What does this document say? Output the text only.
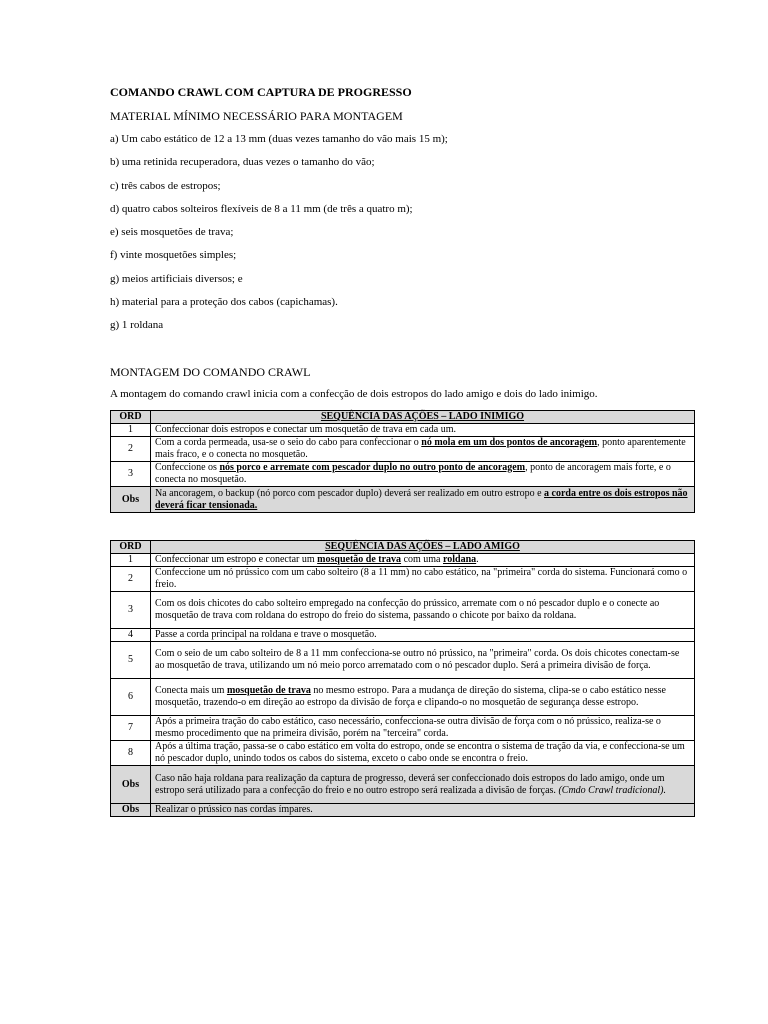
COMANDO CRAWL COM CAPTURA DE PROGRESSO
MATERIAL MÍNIMO NECESSÁRIO PARA MONTAGEM
a) Um cabo estático de 12 a 13 mm (duas vezes tamanho do vão mais 15 m);
b) uma retinida recuperadora, duas vezes o tamanho do vão;
c) três cabos de estropos;
d) quatro cabos solteiros flexíveis de 8 a 11 mm (de três a quatro m);
e) seis mosquetões de trava;
f) vinte mosquetões simples;
g) meios artificiais diversos; e
h) material para a proteção dos cabos (capichamas).
g) 1 roldana
MONTAGEM DO COMANDO CRAWL
A montagem do comando crawl inicia com a confecção de dois estropos do lado amigo e dois do lado inimigo.
ORD	SEQUÊNCIA DAS AÇÕES – LADO INIMIGO
1	Confeccionar dois estropos e conectar um mosquetão de trava em cada um.
2	Com a corda permeada, usa-se o seio do cabo para confeccionar o nó mola em um dos pontos de ancoragem, ponto aparentemente mais fraco, e o conecta no mosquetão.
3	Confeccione os nós porco e arremate com pescador duplo no outro ponto de ancoragem, ponto de ancoragem mais forte, e o conecta no mosquetão.
Obs	Na ancoragem, o backup (nó porco com pescador duplo) deverá ser realizado em outro estropo e a corda entre os dois estropos não deverá ficar tensionada.
ORD	SEQUÊNCIA DAS AÇÕES – LADO AMIGO
1	Confeccionar um estropo e conectar um mosquetão de trava com uma roldana.
2	Confeccione um nó prússico com um cabo solteiro (8 a 11 mm) no cabo estático, na "primeira" corda do sistema. Funcionará como o freio.
3	Com os dois chicotes do cabo solteiro empregado na confecção do prússico, arremate com o nó pescador duplo e o conecte ao mosquetão de trava com roldana do estropo do freio do sistema, passando o chicote por baixo da roldana.
4	Passe a corda principal na roldana e trave o mosquetão.
5	Com o seio de um cabo solteiro de 8 a 11 mm confecciona-se outro nó prússico, na "primeira" corda. Os dois chicotes conectam-se ao mosquetão de trava, utilizando um nó meio porco arrematado com o nó pescador duplo. Será a primeira divisão de força.
6	Conecta mais um mosquetão de trava no mesmo estropo. Para a mudança de direção do sistema, clipa-se o cabo estático nesse mosquetão, trazendo-o em direção ao estropo da divisão de força e clipando-o no mosquetão de segurança desse estropo.
7	Após a primeira tração do cabo estático, caso necessário, confecciona-se outra divisão de força com o nó prússico, realiza-se o mesmo procedimento que na primeira divisão, porém na "terceira" corda.
8	Após a última tração, passa-se o cabo estático em volta do estropo, onde se encontra o sistema de tração da via, e confecciona-se um nó pescador duplo, unindo todos os cabos do sistema, exceto o cabo onde se encontra o freio.
Obs	Caso não haja roldana para realização da captura de progresso, deverá ser confeccionado dois estropos do lado amigo, onde um estropo será utilizado para a confecção do freio e no outro estropo será realizada a divisão de forças. (Cmdo Crawl tradicional).
Obs	Realizar o prússico nas cordas ímpares.
